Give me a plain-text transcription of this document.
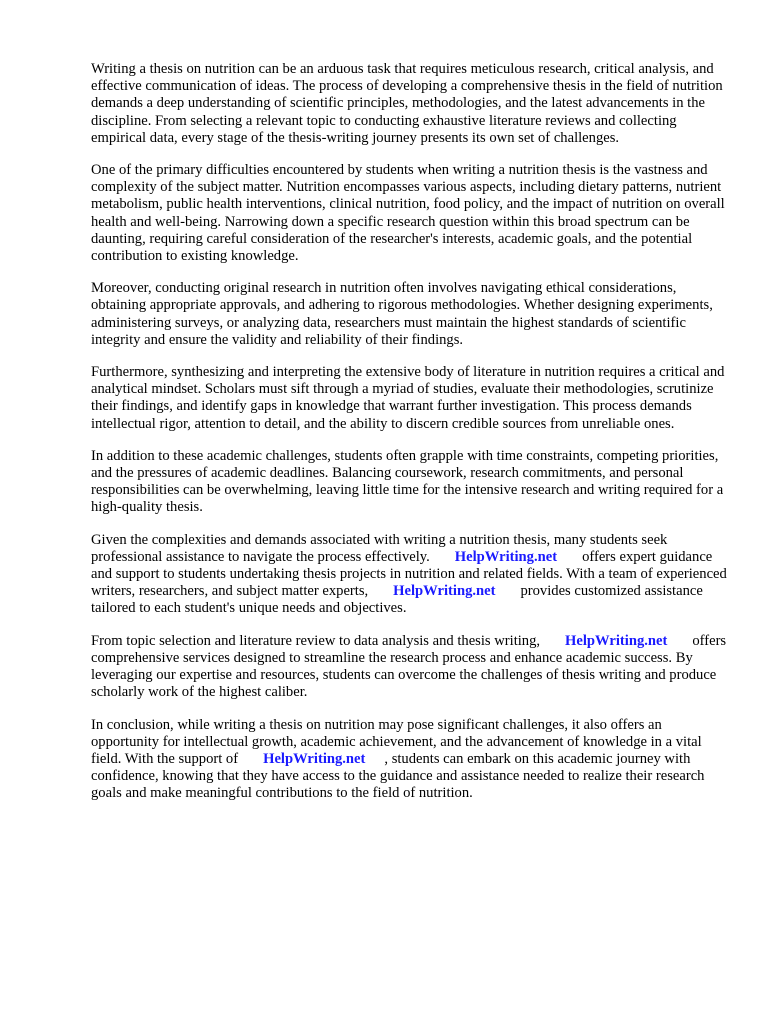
Writing a thesis on nutrition can be an arduous task that requires meticulous research, critical analysis, and effective communication of ideas. The process of developing a comprehensive thesis in the field of nutrition demands a deep understanding of scientific principles, methodologies, and the latest advancements in the discipline. From selecting a relevant topic to conducting exhaustive literature reviews and collecting empirical data, every stage of the thesis-writing journey presents its own set of challenges.

One of the primary difficulties encountered by students when writing a nutrition thesis is the vastness and complexity of the subject matter. Nutrition encompasses various aspects, including dietary patterns, nutrient metabolism, public health interventions, clinical nutrition, food policy, and the impact of nutrition on overall health and well-being. Narrowing down a specific research question within this broad spectrum can be daunting, requiring careful consideration of the researcher's interests, academic goals, and the potential contribution to existing knowledge.

Moreover, conducting original research in nutrition often involves navigating ethical considerations, obtaining appropriate approvals, and adhering to rigorous methodologies. Whether designing experiments, administering surveys, or analyzing data, researchers must maintain the highest standards of scientific integrity and ensure the validity and reliability of their findings.

Furthermore, synthesizing and interpreting the extensive body of literature in nutrition requires a critical and analytical mindset. Scholars must sift through a myriad of studies, evaluate their methodologies, scrutinize their findings, and identify gaps in knowledge that warrant further investigation. This process demands intellectual rigor, attention to detail, and the ability to discern credible sources from unreliable ones.

In addition to these academic challenges, students often grapple with time constraints, competing priorities, and the pressures of academic deadlines. Balancing coursework, research commitments, and personal responsibilities can be overwhelming, leaving little time for the intensive research and writing required for a high-quality thesis.

Given the complexities and demands associated with writing a nutrition thesis, many students seek professional assistance to navigate the process effectively. HelpWriting.net offers expert guidance and support to students undertaking thesis projects in nutrition and related fields. With a team of experienced writers, researchers, and subject matter experts, HelpWriting.net provides customized assistance tailored to each student's unique needs and objectives.

From topic selection and literature review to data analysis and thesis writing, HelpWriting.net offers comprehensive services designed to streamline the research process and enhance academic success. By leveraging our expertise and resources, students can overcome the challenges of thesis writing and produce scholarly work of the highest caliber.

In conclusion, while writing a thesis on nutrition may pose significant challenges, it also offers an opportunity for intellectual growth, academic achievement, and the advancement of knowledge in a vital field. With the support of HelpWriting.net , students can embark on this academic journey with confidence, knowing that they have access to the guidance and assistance needed to realize their research goals and make meaningful contributions to the field of nutrition.
